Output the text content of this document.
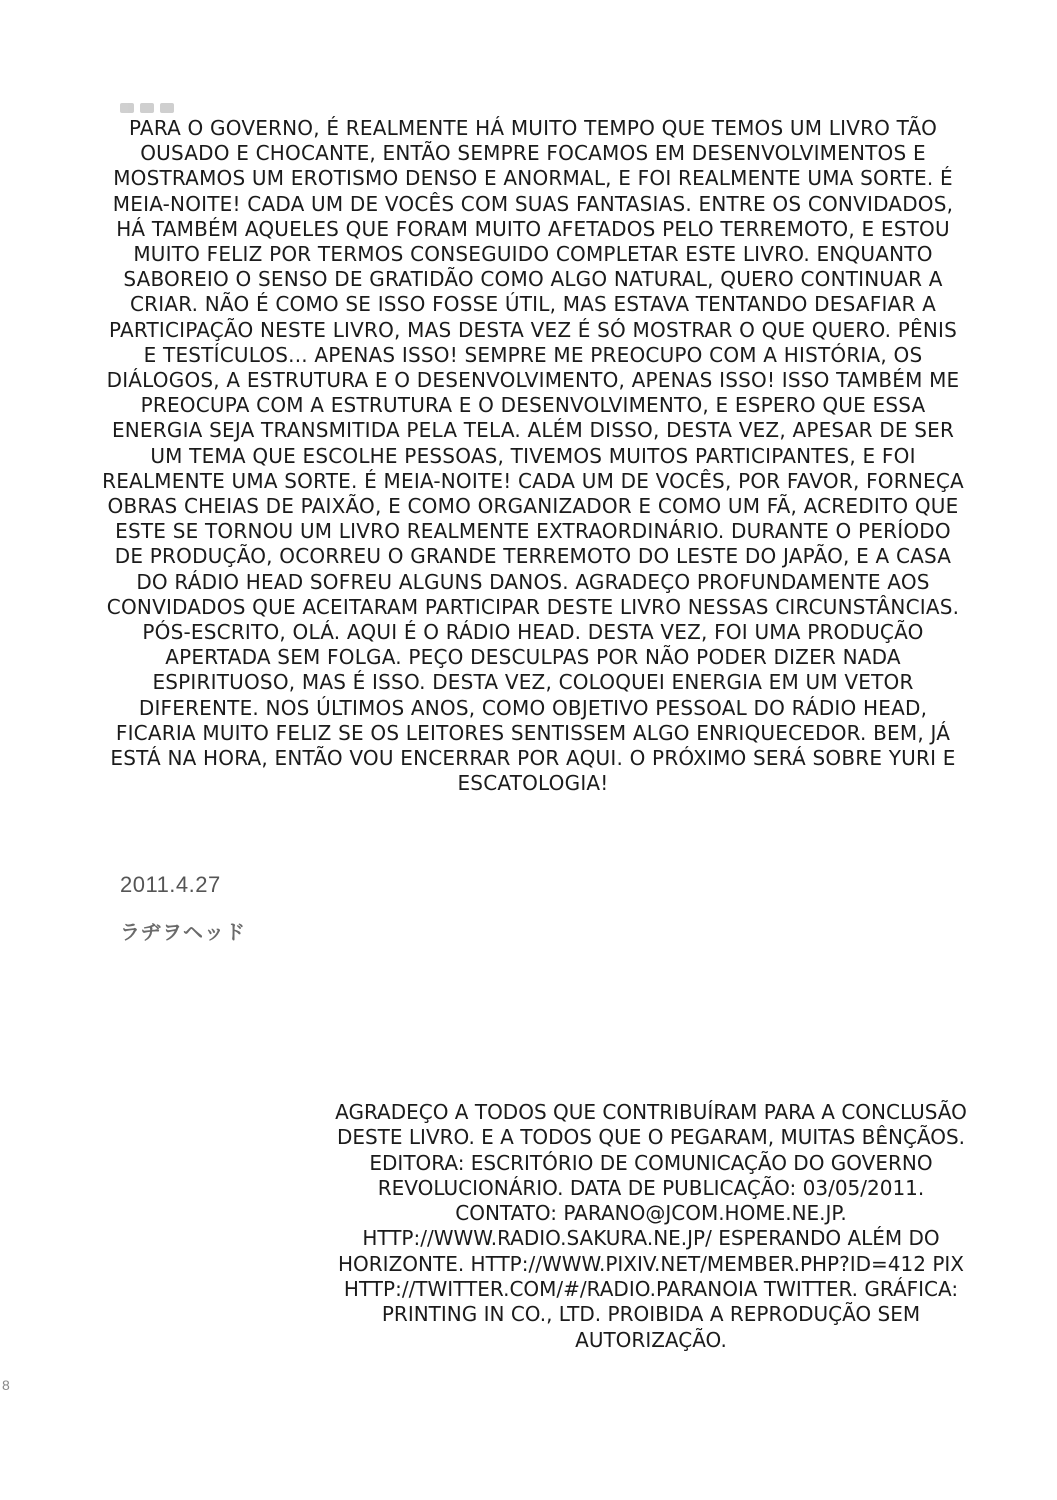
PARA O GOVERNO, É REALMENTE HÁ MUITO TEMPO QUE TEMOS UM LIVRO TÃO OUSADO E CHOCANTE, ENTÃO SEMPRE FOCAMOS EM DESENVOLVIMENTOS E MOSTRAMOS UM EROTISMO DENSO E ANORMAL, E FOI REALMENTE UMA SORTE. É MEIA-NOITE! CADA UM DE VOCÊS COM SUAS FANTASIAS. ENTRE OS CONVIDADOS, HÁ TAMBÉM AQUELES QUE FORAM MUITO AFETADOS PELO TERREMOTO, E ESTOU MUITO FELIZ POR TERMOS CONSEGUIDO COMPLETAR ESTE LIVRO. ENQUANTO SABOREIO O SENSO DE GRATIDÃO COMO ALGO NATURAL, QUERO CONTINUAR A CRIAR. NÃO É COMO SE ISSO FOSSE ÚTIL, MAS ESTAVA TENTANDO DESAFIAR A PARTICIPAÇÃO NESTE LIVRO, MAS DESTA VEZ É SÓ MOSTRAR O QUE QUERO. PÊNIS E TESTÍCULOS... APENAS ISSO! SEMPRE ME PREOCUPO COM A HISTÓRIA, OS DIÁLOGOS, A ESTRUTURA E O DESENVOLVIMENTO, APENAS ISSO! ISSO TAMBÉM ME PREOCUPA COM A ESTRUTURA E O DESENVOLVIMENTO, E ESPERO QUE ESSA ENERGIA SEJA TRANSMITIDA PELA TELA. ALÉM DISSO, DESTA VEZ, APESAR DE SER UM TEMA QUE ESCOLHE PESSOAS, TIVEMOS MUITOS PARTICIPANTES, E FOI REALMENTE UMA SORTE. É MEIA-NOITE! CADA UM DE VOCÊS, POR FAVOR, FORNEÇA OBRAS CHEIAS DE PAIXÃO, E COMO ORGANIZADOR E COMO UM FÃ, ACREDITO QUE ESTE SE TORNOU UM LIVRO REALMENTE EXTRAORDINÁRIO. DURANTE O PERÍODO DE PRODUÇÃO, OCORREU O GRANDE TERREMOTO DO LESTE DO JAPÃO, E A CASA DO RÁDIO HEAD SOFREU ALGUNS DANOS. AGRADEÇO PROFUNDAMENTE AOS CONVIDADOS QUE ACEITARAM PARTICIPAR DESTE LIVRO NESSAS CIRCUNSTÂNCIAS. PÓS-ESCRITO, OLÁ. AQUI É O RÁDIO HEAD. DESTA VEZ, FOI UMA PRODUÇÃO APERTADA SEM FOLGA. PEÇO DESCULPAS POR NÃO PODER DIZER NADA ESPIRITUOSO, MAS É ISSO. DESTA VEZ, COLOQUEI ENERGIA EM UM VETOR DIFERENTE. NOS ÚLTIMOS ANOS, COMO OBJETIVO PESSOAL DO RÁDIO HEAD, FICARIA MUITO FELIZ SE OS LEITORES SENTISSEM ALGO ENRIQUECEDOR. BEM, JÁ ESTÁ NA HORA, ENTÃO VOU ENCERRAR POR AQUI. O PRÓXIMO SERÁ SOBRE YURI E ESCATOLOGIA!

2011.4.27

ラヂヲヘッド

AGRADEÇO A TODOS QUE CONTRIBUÍRAM PARA A CONCLUSÃO DESTE LIVRO. E A TODOS QUE O PEGARAM, MUITAS BÊNÇÃOS. EDITORA: ESCRITÓRIO DE COMUNICAÇÃO DO GOVERNO REVOLUCIONÁRIO. DATA DE PUBLICAÇÃO: 03/05/2011. CONTATO: PARANO@JCOM.HOME.NE.JP. HTTP://WWW.RADIO.SAKURA.NE.JP/ ESPERANDO ALÉM DO HORIZONTE. HTTP://WWW.PIXIV.NET/MEMBER.PHP?ID=412 PIX HTTP://TWITTER.COM/#/RADIO.PARANOIA TWITTER. GRÁFICA: PRINTING IN CO., LTD. PROIBIDA A REPRODUÇÃO SEM AUTORIZAÇÃO.

8
